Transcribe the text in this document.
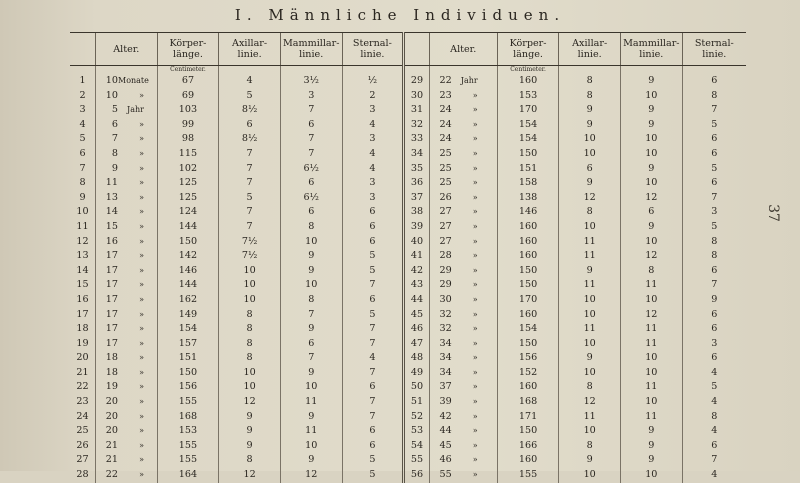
I. Männliche Individuen.
37
	Alter.	Körper-länge.	Axillar-linie.	Mammillar-linie.	Sternal-linie.		Alter.	Körper-länge.	Axillar-linie.	Mammillar-linie.	Sternal-linie.
		Centimeter.						Centimeter.			
1	10Monate	67	4	3½	½	29	22 Jahr	160	8	9	6
2	10 »	69	5	3	2	30	23 »	153	8	10	8
3	5 Jahr	103	8½	7	3	31	24 »	170	9	9	7
4	6 »	99	6	6	4	32	24 »	154	9	9	5
5	7 »	98	8½	7	3	33	24 »	154	10	10	6
6	8 »	115	7	7	4	34	25 »	150	10	10	6
7	9 »	102	7	6½	4	35	25 »	151	6	9	5
8	11 »	125	7	6	3	36	25 »	158	9	10	6
9	13 »	125	5	6½	3	37	26 »	138	12	12	7
10	14 »	124	7	6	6	38	27 »	146	8	6	3
11	15 »	144	7	8	6	39	27 »	160	10	9	5
12	16 »	150	7½	10	6	40	27 »	160	11	10	8
13	17 »	142	7½	9	5	41	28 »	160	11	12	8
14	17 »	146	10	9	5	42	29 »	150	9	8	6
15	17 »	144	10	10	7	43	29 »	150	11	11	7
16	17 »	162	10	8	6	44	30 »	170	10	10	9
17	17 »	149	8	7	5	45	32 »	160	10	12	6
18	17 »	154	8	9	7	46	32 »	154	11	11	6
19	17 »	157	8	6	7	47	34 »	150	10	11	3
20	18 »	151	8	7	4	48	34 »	156	9	10	6
21	18 »	150	10	9	7	49	34 »	152	10	10	4
22	19 »	156	10	10	6	50	37 »	160	8	11	5
23	20 »	155	12	11	7	51	39 »	168	12	10	4
24	20 »	168	9	9	7	52	42 »	171	11	11	8
25	20 »	153	9	11	6	53	44 »	150	10	9	4
26	21 »	155	9	10	6	54	45 »	166	8	9	6
27	21 »	155	8	9	5	55	46 »	160	9	9	7
28	22 »	164	12	12	5	56	55 »	155	10	10	4
